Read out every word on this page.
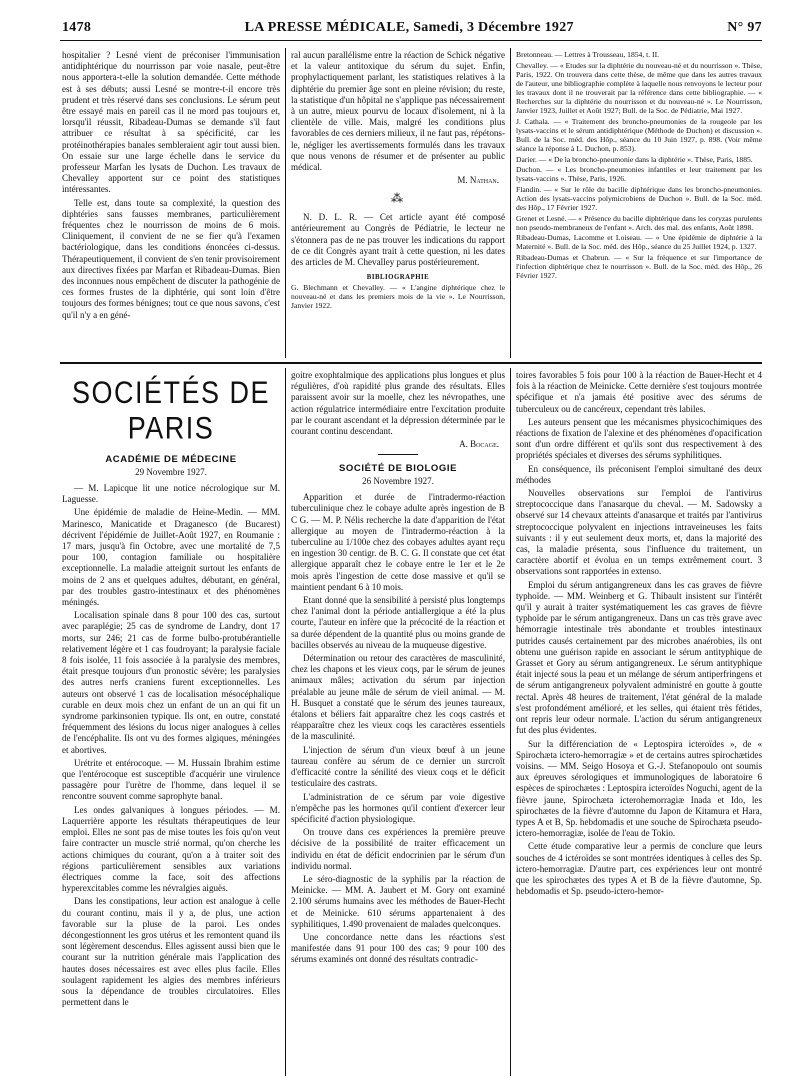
1478	LA PRESSE MÉDICALE, Samedi, 3 Décembre 1927	N° 97

hospitalier ? Lesné vient de préconiser l'immunisation antidiphtérique du nourrisson par voie nasale, peut-être nous apportera-t-elle la solution demandée. Cette méthode est à ses débuts; aussi Lesné se montre-t-il encore très prudent et très réservé dans ses conclusions. Le sérum peut être essayé mais en pareil cas il ne mord pas toujours et, lorsqu'il réussit, Ribadeau-Dumas se demande s'il faut attribuer ce résultat à sa spécificité, car les protéinothérapies banales sembleraient agir tout aussi bien. On essaie sur une large échelle dans le service du professeur Marfan les lysats de Duchon. Les travaux de Chevalley apportent sur ce point des statistiques intéressantes.

Telle est, dans toute sa complexité, la question des diphtéries sans fausses membranes, particulièrement fréquentes chez le nourrisson de moins de 6 mois. Cliniquement, il convient de ne se fier qu'à l'examen bactériologique, dans les conditions énoncées ci-dessus. Thérapeutiquement, il convient de s'en tenir provisoirement aux directives fixées par Marfan et Ribadeau-Dumas. Bien des inconnues nous empêchent de discuter la pathogénie de ces formes frustes de la diphtérie, qui sont loin d'être toujours des formes bénignes; tout ce que nous savons, c'est qu'il n'y a en géné-

ral aucun parallélisme entre la réaction de Schick négative et la valeur antitoxique du sérum du sujet. Enfin, prophylactiquement parlant, les statistiques relatives à la diphtérie du premier âge sont en pleine révision; du reste, la statistique d'un hôpital ne s'applique pas nécessairement à un autre, mieux pourvu de locaux d'isolement, ni à la clientèle de ville. Mais, malgré les conditions plus favorables de ces derniers milieux, il ne faut pas, répétons-le, négliger les avertissements formulés dans les travaux que nous venons de résumer et de présenter au public médical.

M. Nathan.
⁂

N. D. L. R. — Cet article ayant été composé antérieurement au Congrès de Pédiatrie, le lecteur ne s'étonnera pas de ne pas trouver les indications du rapport de ce dit Congrès ayant trait à cette question, ni les dates des articles de M. Chevalley parus postérieurement.

BIBLIOGRAPHIE

G. Blechmann et Chevalley. — « L'angine diphtérique chez le nouveau-né et dans les premiers mois de la vie ». Le Nourrisson, Janvier 1922.

Bretonneau. — Lettres à Trousseau, 1854, t. II.

Chevalley. — « Etudes sur la diphtérie du nouveau-né et du nourrisson ». Thèse, Paris, 1922. On trouvera dans cette thèse, de même que dans les autres travaux de l'auteur, une bibliographie complète à laquelle nous renvoyons le lecteur pour les travaux dont il ne trouverait par la référence dans cette bibliographie. — « Recherches sur la diphtérie du nourrisson et du nouveau-né ». Le Nourrisson, Janvier 1923, Juillet et Août 1927; Bull. de la Soc. de Pédiatrie, Mai 1927.

J. Cathala. — « Traitement des broncho-pneumonies de la rougeole par les lysats-vaccins et le sérum antidiphtérique (Méthode de Duchon) et discussion ». Bull. de la Soc. méd. des Hôp., séance du 10 Juin 1927, p. 898. (Voir même séance la réponse à L. Duchon, p. 853).

Darier. — « De la broncho-pneumonie dans la diphtérie ». Thèse, Paris, 1885.

Duchon. — « Les broncho-pneumonies infantiles et leur traitement par les lysats-vaccins ». Thèse, Paris, 1926.

Flandin. — « Sur le rôle du bacille diphtérique dans les broncho-pneumonies. Action des lysats-vaccins polymicrobiens de Duchon ». Bull. de la Soc. méd. des Hôp., 17 Février 1927.

Grenet et Lesné. — « Présence du bacille diphtérique dans les coryzas purulents non pseudo-membraneux de l'enfant ». Arch. des mal. des enfants, Août 1898.

Ribadeau-Dumas, Lacomme et Loiseau. — « Une épidémie de diphtérie à la Maternité ». Bull. de la Soc. méd. des Hôp., séance du 25 Juillet 1924, p. 1327.

Ribadeau-Dumas et Chabrun. — « Sur la fréquence et sur l'importance de l'infection diphtérique chez le nourrisson ». Bull. de la Soc. méd. des Hôp., 26 Février 1927.

SOCIÉTÉS DE PARIS
ACADÉMIE DE MÉDECINE
29 Novembre 1927.

— M. Lapicque lit une notice nécrologique sur M. Laguesse.

Une épidémie de maladie de Heine-Medin. — MM. Marinesco, Manicatide et Draganesco (de Bucarest) décrivent l'épidémie de Juillet-Août 1927, en Roumanie : 17 mars, jusqu'à fin Octobre, avec une mortalité de 7,5 pour 100, contagion familiale ou hospitalière exceptionnelle. La maladie atteignit surtout les enfants de moins de 2 ans et quelques adultes, débutant, en général, par des troubles gastro-intestinaux et des phénomènes méningés.

Localisation spinale dans 8 pour 100 des cas, surtout avec paraplégie; 25 cas de syndrome de Landry, dont 17 morts, sur 246; 21 cas de forme bulbo-protubérantielle relativement légère et 1 cas foudroyant; la paralysie faciale 8 fois isolée, 11 fois associée à la paralysie des membres, était presque toujours d'un pronostic sévère; les paralysies des autres nerfs craniens furent exceptionnelles. Les auteurs ont observé 1 cas de localisation mésocéphalique curable en deux mois chez un enfant de un an qui fit un syndrome parkinsonien typique. Ils ont, en outre, constaté fréquemment des lésions du locus niger analogues à celles de l'encéphalite. Ils ont vu des formes algiques, méningées et abortives.

Urétrite et entérocoque. — M. Hussain Ibrahim estime que l'entérocoque est susceptible d'acquérir une virulence passagère pour l'urètre de l'homme, dans lequel il se rencontre souvent comme saprophyte banal.

Les ondes galvaniques à longues périodes. — M. Laquerrière apporte les résultats thérapeutiques de leur emploi. Elles ne sont pas de mise toutes les fois qu'on veut faire contracter un muscle strié normal, qu'on cherche les actions chimiques du courant, qu'on a à traiter soit des régions particulièrement sensibles aux variations électriques comme la face, soit des affections hyperexcitables comme les névralgies aiguës.

Dans les constipations, leur action est analogue à celle du courant continu, mais il y a, de plus, une action favorable sur la pluse de la paroi. Les ondes décongestionnent les gros utérus et les remontent quand ils sont légèrement descendus. Elles agissent aussi bien que le courant sur la nutrition générale mais l'application des hautes doses nécessaires est avec elles plus facile. Elles soulagent rapidement les algies des membres inférieurs sous la dépendance de troubles circulatoires. Elles permettent dans le

goitre exophtalmique des applications plus longues et plus régulières, d'où rapidité plus grande des résultats. Elles paraissent avoir sur la moelle, chez les névropathes, une action régulatrice intermédiaire entre l'excitation produite par le courant ascendant et la dépression déterminée par le courant continu descendant.

A. Bocage.
SOCIÉTÉ DE BIOLOGIE
26 Novembre 1927.

Apparition et durée de l'intradermo-réaction tuberculinique chez le cobaye adulte après ingestion de B C G. — M. P. Nélis recherche la date d'apparition de l'état allergique au moyen de l'intradermo-réaction à la tuberculine au 1/100e chez des cobayes adultes ayant reçu en ingestion 30 centigr. de B. C. G. Il constate que cet état allergique apparaît chez le cobaye entre le 1er et le 2e mois après l'ingestion de cette dose massive et qu'il se maintient pendant 6 à 10 mois.

Etant donné que la sensibilité à persisté plus longtemps chez l'animal dont la période antiallergique a été la plus courte, l'auteur en infère que la précocité de la réaction et sa durée dépendent de la quantité plus ou moins grande de bacilles observés au niveau de la muqueuse digestive.

Détermination ou retour des caractères de masculinité, chez les chapons et les vieux coqs, par le sérum de jeunes animaux mâles; activation du sérum par injection préalable au jeune mâle de sérum de vieil animal. — M. H. Busquet a constaté que le sérum des jeunes taureaux, étalons et béliers fait apparaître chez les coqs castrés et réapparaître chez les vieux coqs les caractères essentiels de la masculinité.

L'injection de sérum d'un vieux bœuf à un jeune taureau confère au sérum de ce dernier un surcroît d'efficacité contre la sénilité des vieux coqs et le déficit testiculaire des castrats.

L'administration de ce sérum par voie digestive n'empêche pas les hormones qu'il contient d'exercer leur spécificité d'action physiologique.

On trouve dans ces expériences la première preuve décisive de la possibilité de traiter efficacement un individu en état de déficit endocrinien par le sérum d'un individu normal.

Le séro-diagnostic de la syphilis par la réaction de Meinicke. — MM. A. Jaubert et M. Gory ont examiné 2.100 sérums humains avec les méthodes de Bauer-Hecht et de Meinicke. 610 sérums appartenaient à des syphilitiques, 1.490 provenaient de malades quelconques.

Une concordance nette dans les réactions s'est manifestée dans 91 pour 100 des cas; 9 pour 100 des sérums examinés ont donné des résultats contradic-

toires favorables 5 fois pour 100 à la réaction de Bauer-Hecht et 4 fois à la réaction de Meinicke. Cette dernière s'est toujours montrée spécifique et n'a jamais été positive avec des sérums de tuberculeux ou de cancéreux, cependant très labiles.

Les auteurs pensent que les mécanismes physicochimiques des réactions de fixation de l'alexine et des phénomènes d'opacification sont d'un ordre différent et qu'ils sont dus respectivement à des propriétés spéciales et diverses des sérums syphilitiques.

En conséquence, ils préconisent l'emploi simultané des deux méthodes

Nouvelles observations sur l'emploi de l'antivirus streptococcique dans l'anasarque du cheval. — M. Sadowsky a observé sur 14 chevaux atteints d'anasarque et traités par l'antivirus streptococcique polyvalent en injections intraveineuses les faits suivants : il y eut seulement deux morts, et, dans la majorité des cas, la maladie présenta, sous l'influence du traitement, un caractère abortif et évolua en un temps extrêmement court. 3 observations sont rapportées in extenso.

Emploi du sérum antigangreneux dans les cas graves de fièvre typhoïde. — MM. Weinberg et G. Thibault insistent sur l'intérêt qu'il y aurait à traiter systématiquement les cas graves de fièvre typhoïde par le sérum antigangreneux. Dans un cas très grave avec hémorragie intestinale très abondante et troubles intestinaux putrides causés certainement par des microbes anaérobies, ils ont obtenu une guérison rapide en associant le sérum antityphique de Grasset et Gory au sérum antigangreneux. Le sérum antityphique était injecté sous la peau et un mélange de sérum antiperfringens et de sérum antigangreneux polyvalent administré en goutte à goutte rectal. Après 48 heures de traitement, l'état général de la malade s'est profondément amélioré, et les selles, qui étaient très fétides, ont repris leur odeur normale. L'action du sérum antigangreneux fut des plus évidentes.

Sur la différenciation de « Leptospira icteroïdes », de « Spirochæta ictero-hemorragiæ » et de certains autres spirochætides voisins. — MM. Seigo Hosoya et G.-J. Stefanopoulo ont soumis aux épreuves sérologiques et immunologiques de laboratoire 6 espèces de spirochætes : Leptospira icteroïdes Noguchi, agent de la fièvre jaune, Spirochæta icterohemorragiæ Inada et Ido, les spirochætes de la fièvre d'automne du Japon de Kitamura et Hara, types A et B, Sp. hebdomadis et une souche de Spirochæta pseudo-ictero-hemorragiæ, isolée de l'eau de Tokio.

Cette étude comparative leur a permis de conclure que leurs souches de 4 ictéroïdes se sont montrées identiques à celles des Sp. ictero-hemorragiæ. D'autre part, ces expériences leur ont montré que les spirochætes des types A et B de la fièvre d'automne, Sp. hebdomadis et Sp. pseudo-ictero-hemor-
